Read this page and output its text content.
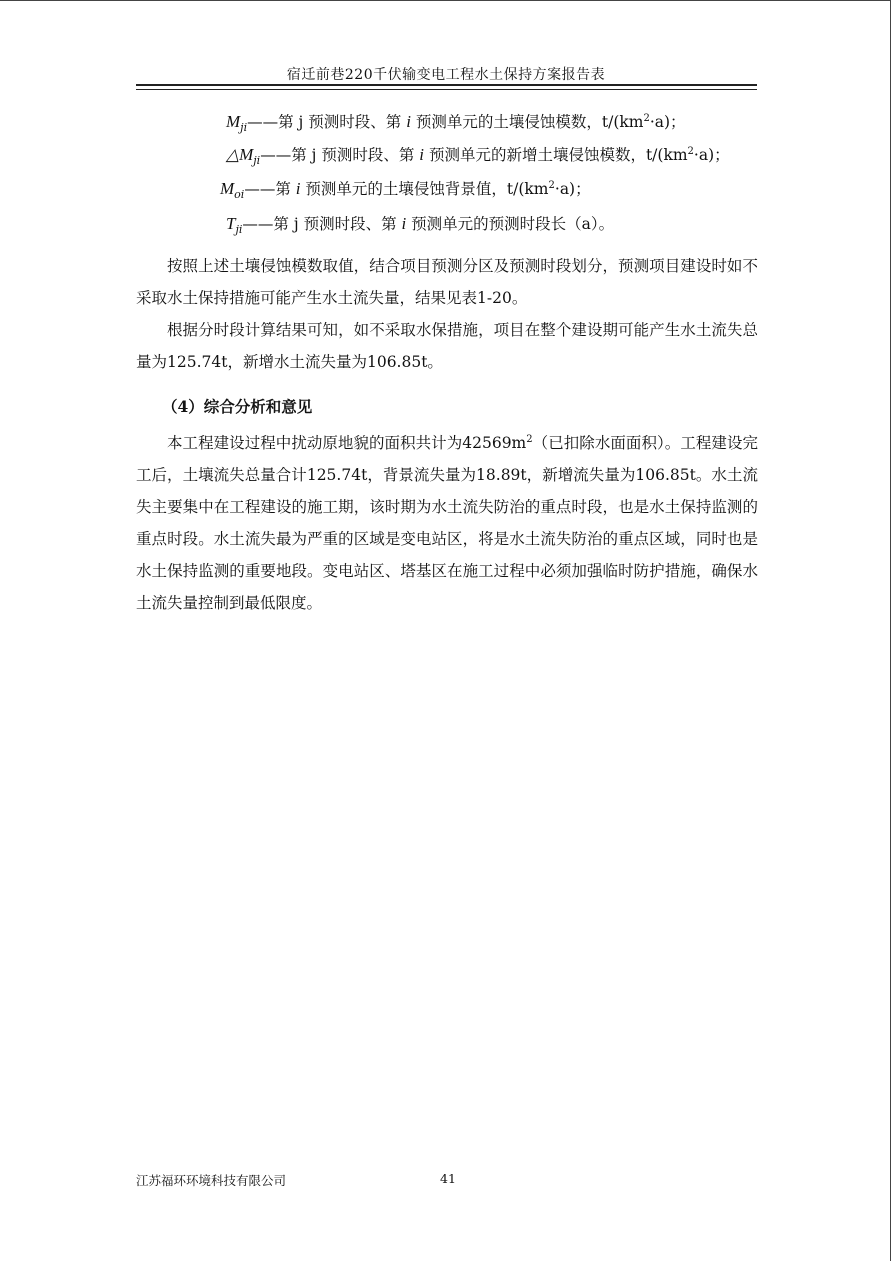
宿迁前巷220千伏输变电工程水土保持方案报告表
$M_{ji}——$第 j 预测时段、第 i 预测单元的土壤侵蚀模数，$t/(km^2\cdot a)$；
$\triangle M_{ji}——$第 j 预测时段、第 i 预测单元的新增土壤侵蚀模数，$t/(km^2\cdot a)$；
$M_{oi}——$第 i 预测单元的土壤侵蚀背景值，$t/(km^2\cdot a)$；
$T_{ji}——$第 j 预测时段、第 i 预测单元的预测时段长（a）。

按照上述土壤侵蚀模数取值，结合项目预测分区及预测时段划分，预测项目建设时如不采取水土保持措施可能产生水土流失量，结果见表1-20。

根据分时段计算结果可知，如不采取水保措施，项目在整个建设期可能产生水土流失总量为125.74t，新增水土流失量为106.85t。

（4）综合分析和意见

本工程建设过程中扰动原地貌的面积共计为$42569m^2$（已扣除水面面积）。工程建设完工后，土壤流失总量合计125.74t，背景流失量为18.89t，新增流失量为106.85t。水土流失主要集中在工程建设的施工期，该时期为水土流失防治的重点时段，也是水土保持监测的重点时段。水土流失最为严重的区域是变电站区，将是水土流失防治的重点区域，同时也是水土保持监测的重要地段。变电站区、塔基区在施工过程中必须加强临时防护措施，确保水土流失量控制到最低限度。

江苏福环环境科技有限公司	41
